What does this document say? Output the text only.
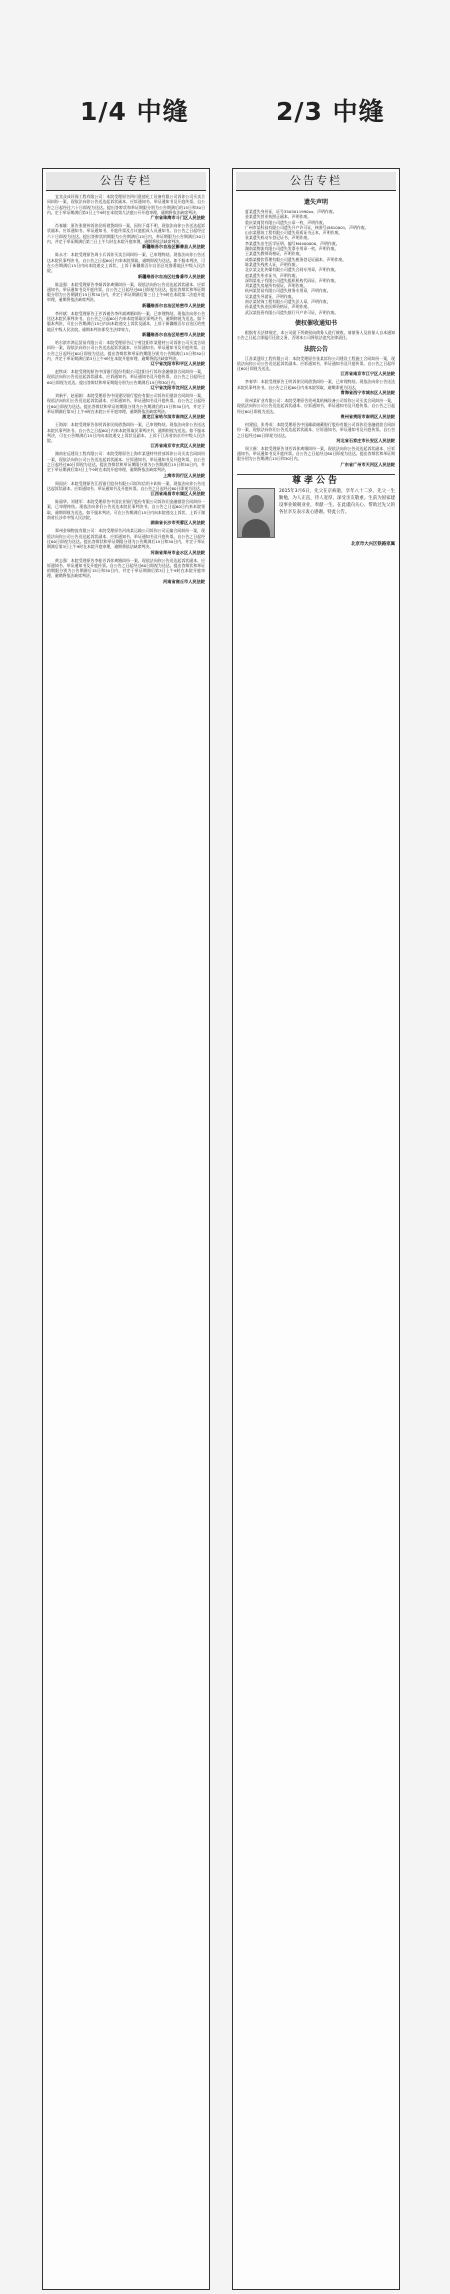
1/4 中缝	2/3 中缝
公告专栏
宜宾众成环保工程有限公司：本院受理原告四川贤徳化工设备有限公司诉你公司买卖合同纠纷一案，现依法向你公告送达起诉状副本、应诉通知书、举证通知书及开庭传票。自公告之日起经过六十日即视为送达。提出答辩状和举证期限分别为公告期满后的15日和30日内。定于举证期满后第3日上午9时在本院第九法庭公开开庭审理，逾期将依法缺席判决。
广东省珠海市斗门区人民法院
肖春雄：原告张建伟诉你民间借贷纠纷一案，因你下落不明，现依法向你公告送达起诉状副本、应诉通知书、举证通知书、开庭传票及合议庭组成人员通知书。自公告之日起经过六十日即视为送达。提出答辩状的期限为公告期满后15日内，举证期限为公告期满后30日内，并定于举证期满后第三日上午九时在本院开庭审理，逾期将依法缺席判决。
新疆维吾尔自治区鄯善县人民法院
陈永才：本院受理原告周小兵诉你买卖合同纠纷一案，已审理终结。现依法向你公告送达本院民事判决书。自公告之日起60日内来本院领取，逾期即视为送达。如不服本判决，可在公告期满后15日内向本院递交上诉状，上诉于新疆维吾尔自治区吐鲁番地区中级人民法院。
新疆维吾尔自治区吐鲁番市人民法院
陈益强：本院受理原告李娟诉你离婚纠纷一案，现依法向你公告送达起诉状副本、应诉通知书、举证通知书及开庭传票。自公告之日起经过60日即视为送达。提出答辩状和举证期限分别为公告期满后15日和30日内，并定于举证期满后第三日上午9时在本院第二法庭开庭审理，逾期将依法缺席判决。
新疆维吾尔自治区哈密市人民法院
李传斌：本院受理原告王芳诉被告李传斌离婚纠纷一案，已审理终结。现依法向你公告送达本院民事判决书。自公告之日起60日内来本院领取民事判决书，逾期则视为送达。如不服本判决，可在公告期满后15日内向本院递交上诉状及副本，上诉于新疆维吾尔自治区哈密地区中级人民法院。逾期本判决即发生法律效力。
新疆维吾尔自治区哈密市人民法院
哈尔滨市鸿运贸易有限公司：本院受理原告辽宁省沈阳市某建材公司诉你公司买卖合同纠纷一案，现依法向你公司公告送达起诉状副本、应诉通知书、举证通知书及开庭传票。自公告之日起经过60日即视为送达。提出答辩状和举证的期限分别为公告期满后15日和30日内，并定于举证期满后第3日上午9时在本院开庭审理，逾期将依法缺席判决。
辽宁省沈阳市和平区人民法院
赵铁成：本院受理的原告中国银行股份有限公司沈阳分行诉你金融借款合同纠纷一案，现依法向你公告送达起诉状副本、应诉通知书、举证通知书及开庭传票。自公告之日起经过60日即视为送达。提出答辩状和举证期限分别为公告期满后15日和30日内。
辽宁省沈阳市沈河区人民法院
刘新平、赵丽娟：本院受理原告中国建设银行股份有限公司诉你们借款合同纠纷一案，现依法向你们公告送达起诉状副本、应诉通知书、举证通知书及开庭传票。自公告之日起经过60日即视为送达。提出答辩状和举证的期限分别为公告期满后的15日和30日内，并定于举证期满后第3日上午9时在本院公开开庭审理，逾期将依法缺席判决。
黑龙江省哈尔滨市南岗区人民法院
王海涛：本院受理原告张明诉你民间借贷纠纷一案，已审理终结。现依法向你公告送达本院民事判决书。自公告之日起60日内来本院领取民事判决书，逾期则视为送达。如不服本判决，可在公告期满后15日内向本院递交上诉状及副本，上诉于江苏省南京市中级人民法院。
江苏省南京市玄武区人民法院
湖南宏远建设工程有限公司：本院受理原告上海市某建材经营部诉你公司买卖合同纠纷一案，现依法向你公司公告送达起诉状副本、应诉通知书、举证通知书及开庭传票。自公告之日起经过60日即视为送达。提出答辩状和举证期限分别为公告期满后15日和30日内，并定于举证期满后第3日上午9时在本院开庭审理，逾期将依法缺席判决。
上海市闵行区人民法院
周国庆：本院受理原告江西银行股份有限公司诉你信用卡纠纷一案，现依法向你公告送达起诉状副本、应诉通知书、举证通知书及开庭传票。自公告之日起经过60日即视为送达。
江西省南昌市东湖区人民法院
陈丽华、刘建军：本院受理原告中国农业银行股份有限公司诉你们金融借款合同纠纷一案，已审理终结。现依法向你们公告送达本院民事判决书。自公告之日起60日内来本院领取，逾期即视为送达。如不服本判决，可在公告期满后15日内向本院递交上诉状，上诉于湖南省长沙市中级人民法院。
湖南省长沙市芙蓉区人民法院
郑州金瑞物流有限公司：本院受理原告河南某运输公司诉你公司运输合同纠纷一案，现依法向你公司公告送达起诉状副本、应诉通知书、举证通知书及开庭传票。自公告之日起经过60日即视为送达。提出答辩状和举证期限分别为公告期满后15日和30日内，并定于举证期满后第3日上午9时在本院开庭审理，逾期将依法缺席判决。
河南省郑州市金水区人民法院
黄志强：本院受理原告李桂芳诉你离婚纠纷一案，现依法向你公告送达起诉状副本、应诉通知书、举证通知书及开庭传票。自公告之日起经过60日即视为送达。提出答辩状和举证的期限分别为公告期满后15日和30日内，并定于举证期满后第3日上午9时在本院开庭审理，逾期将依法缺席判决。
河南省商丘市人民法院
公告专栏
遗失声明
夏某遗失身份证，证号3505011990xx，声明作废。
金某遗失营业执照正副本，声明作废。
重庆某商贸有限公司遗失公章一枚，声明作废。
广州市某科技有限公司遗失开户许可证，核准号J5810001，声明作废。
山东某建筑工程有限公司遗失资质证书正本，声明作废。
张某遗失机动车登记证书，声明作废。
李某遗失出生医学证明，编号M4400000，声明作废。
湖南某物流有限公司遗失发票专用章一枚，声明作废。
王某遗失教师资格证，声明作废。
成都某餐饮管理有限公司遗失税务登记证副本，声明作废。
陈某遗失残疾人证，声明作废。
北京某文化传媒有限公司遗失合同专用章，声明作废。
赵某遗失毕业证书，声明作废。
深圳某电子有限公司遗失组织机构代码证，声明作废。
刘某遗失房屋所有权证，声明作废。
杭州某贸易有限公司遗失财务专用章，声明作废。
吴某遗失导游证，声明作废。
南京某装饰工程有限公司遗失法人章，声明作废。
孙某遗失执业医师资格证，声明作废。
武汉某投资有限公司遗失银行开户许可证，声明作废。
债权催收通知书
根据有关法律规定，本公司就下列债权向债务人进行催收，请债务人及担保人自本通知公告之日起立即履行还款义务，否则本公司将依法追究法律责任。
法院公告
江苏某建设工程有限公司：本院受理原告张某诉你公司建设工程施工合同纠纷一案，现依法向你公司公告送达起诉状副本、应诉通知书、举证通知书及开庭传票。自公告之日起经过60日即视为送达。
江苏省南京市江宁区人民法院
李春华：本院受理原告王明诉你民间借贷纠纷一案，已审理终结。现依法向你公告送达本院民事判决书。自公告之日起60日内来本院领取，逾期即视为送达。
青海省西宁市城东区人民法院
贵州某矿业有限公司：本院受理原告贵州某机械设备公司诉你公司买卖合同纠纷一案，现依法向你公司公告送达起诉状副本、应诉通知书、举证通知书及开庭传票。自公告之日起经过60日即视为送达。
贵州省贵阳市南明区人民法院
何建国、张秀英：本院受理原告中国邮政储蓄银行股份有限公司诉你们金融借款合同纠纷一案，现依法向你们公告送达起诉状副本、应诉通知书、举证通知书及开庭传票。自公告之日起经过60日即视为送达。
河北省石家庄市长安区人民法院
周立新：本院受理原告刘芳诉你离婚纠纷一案，现依法向你公告送达起诉状副本、应诉通知书、举证通知书及开庭传票。自公告之日起经过60日即视为送达。提出答辩状和举证期限分别为公告期满后15日和30日内。
广东省广州市天河区人民法院
尊孝公告
2015年3月6日，先父在京病逝，享年八十二岁。先父一生勤勉，为人正直，待人宽厚，深受亲友敬重。生前为国家建设事业兢兢业业，奉献一生。在此谨向关心、帮助过先父的各位亲友表示衷心感谢。特此公告。
北京市大兴区铁路家属
